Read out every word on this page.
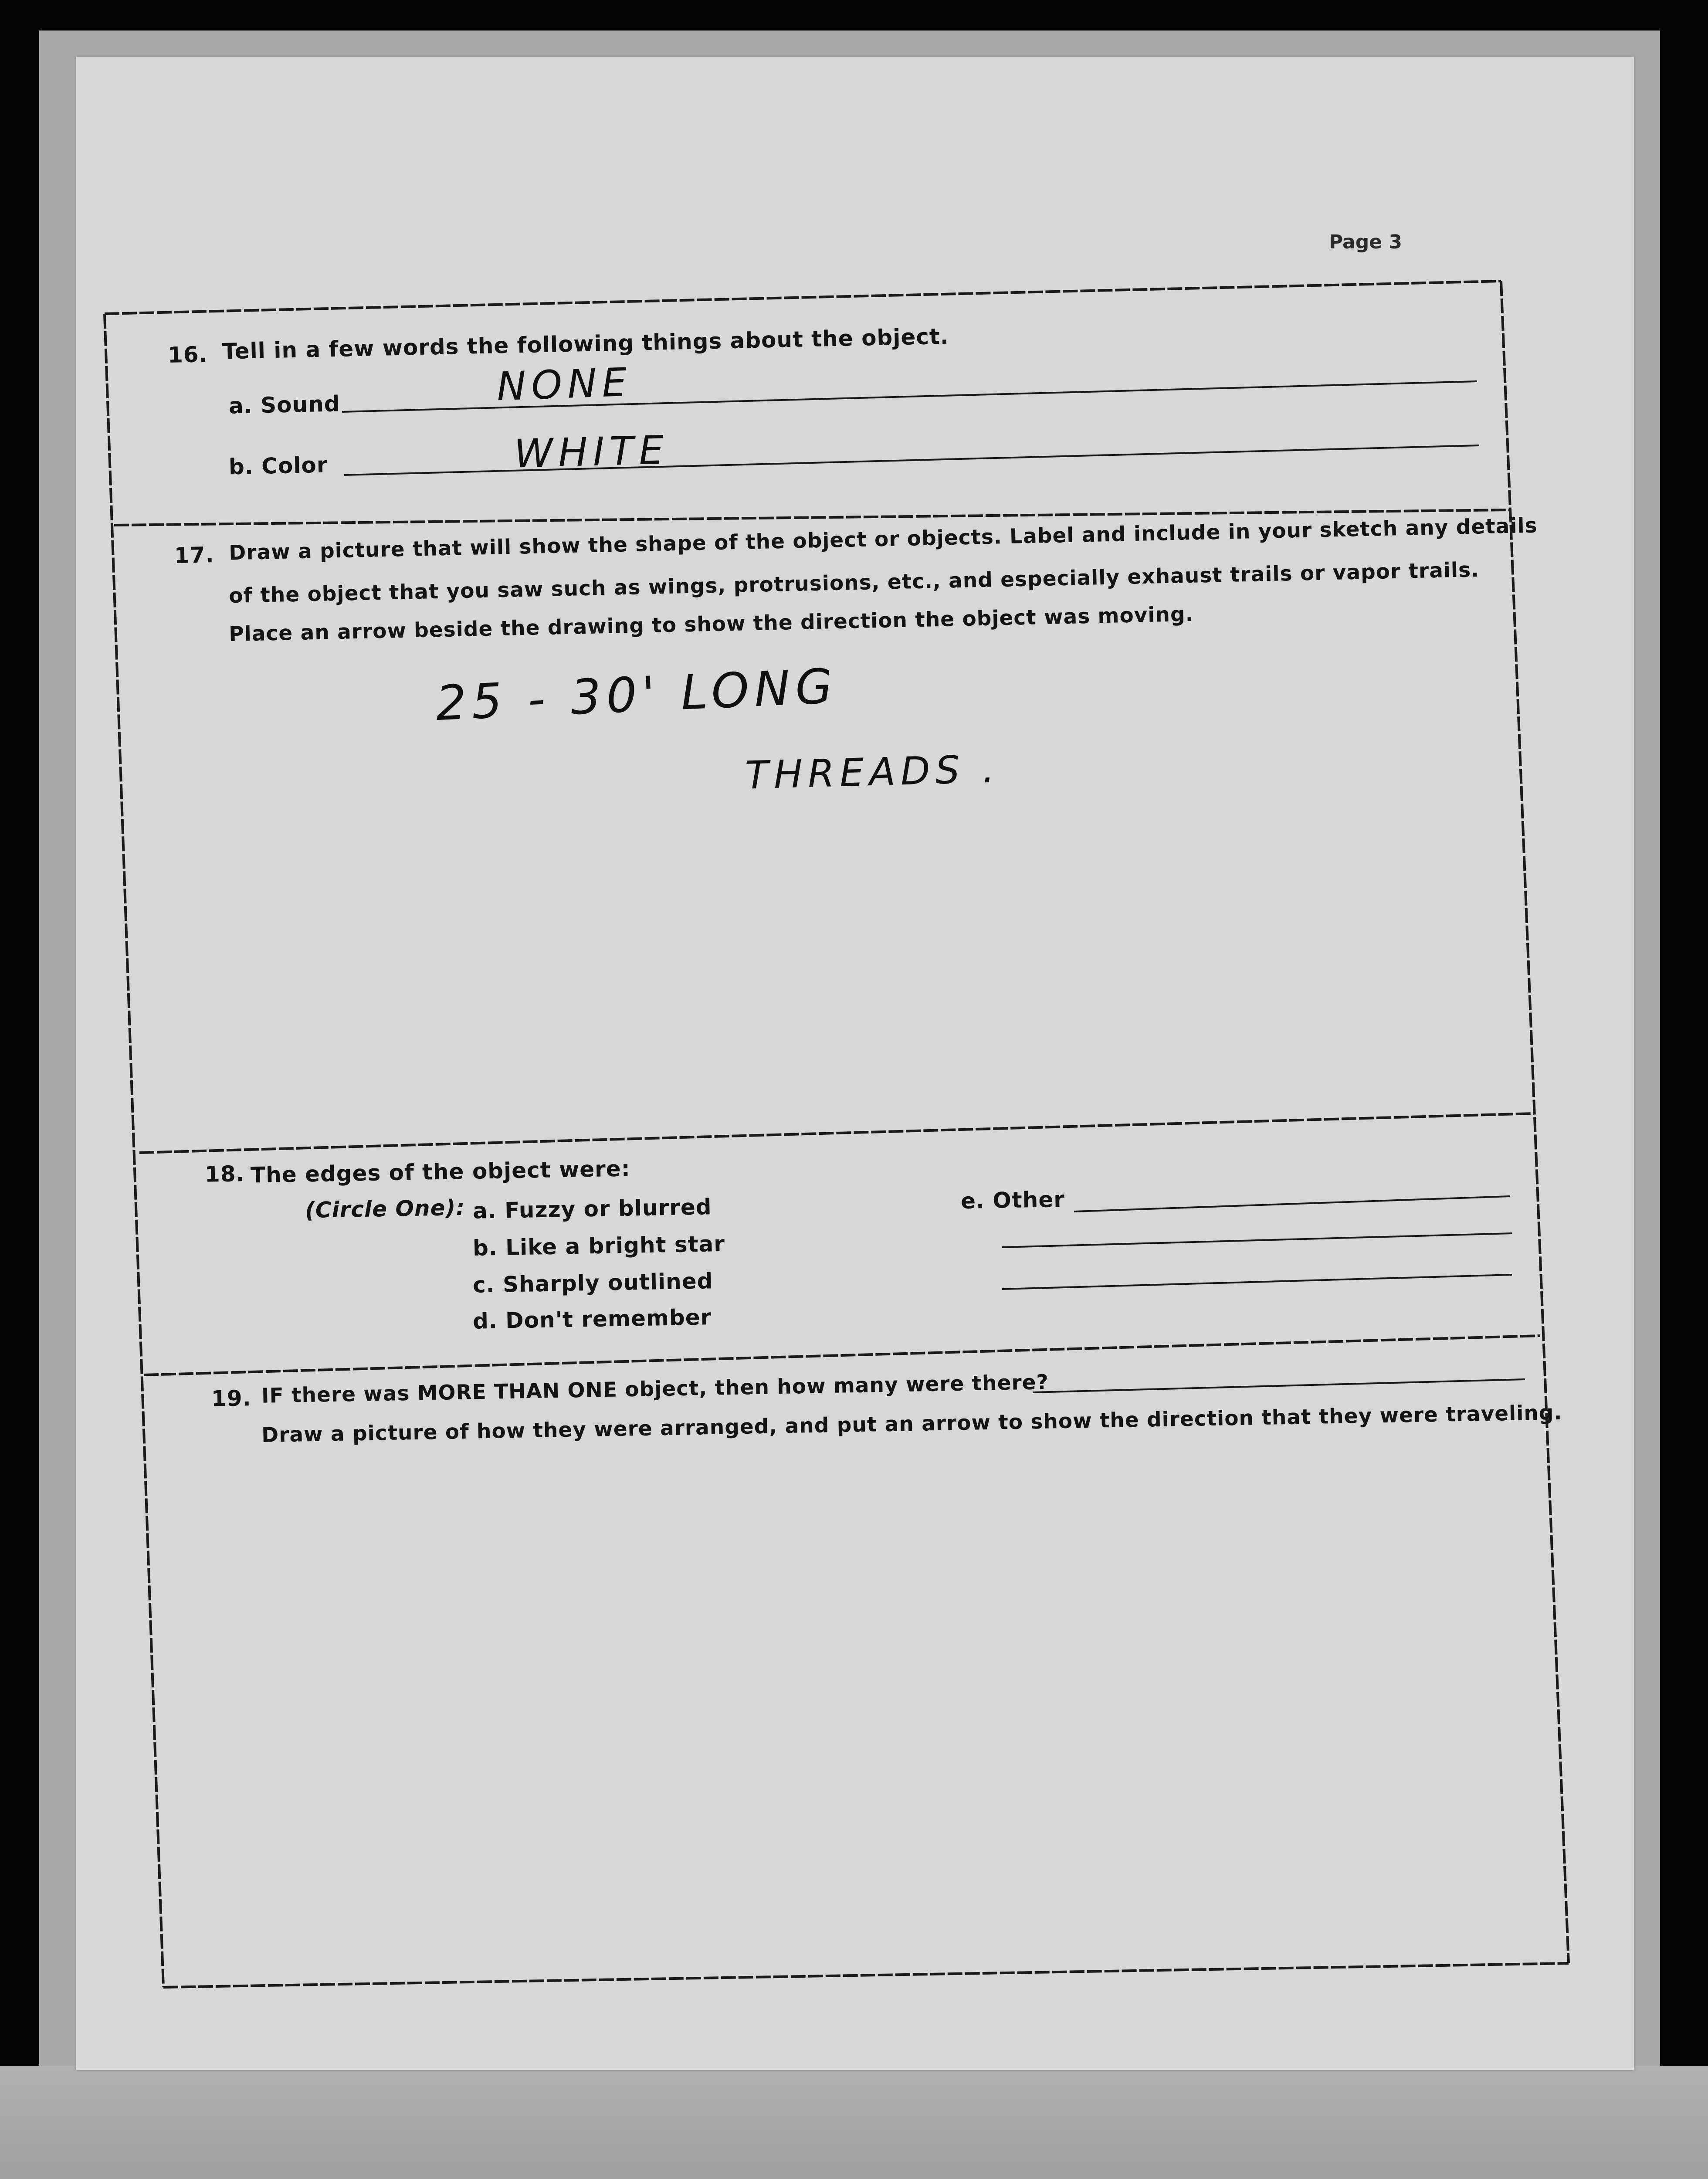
Page 3
16. Tell in a few words the following things about the object.
a. Sound	NONE
b. Color	WHITE
17. Draw a picture that will show the shape of the object or objects. Label and include in your sketch any details
of the object that you saw such as wings, protrusions, etc., and especially exhaust trails or vapor trails.
Place an arrow beside the drawing to show the direction the object was moving.
25 - 30' LONG
THREADS .
18. The edges of the object were:
(Circle One): a. Fuzzy or blurred
b. Like a bright star
c. Sharply outlined
d. Don't remember
e. Other
19. IF there was MORE THAN ONE object, then how many were there?
Draw a picture of how they were arranged, and put an arrow to show the direction that they were traveling.
